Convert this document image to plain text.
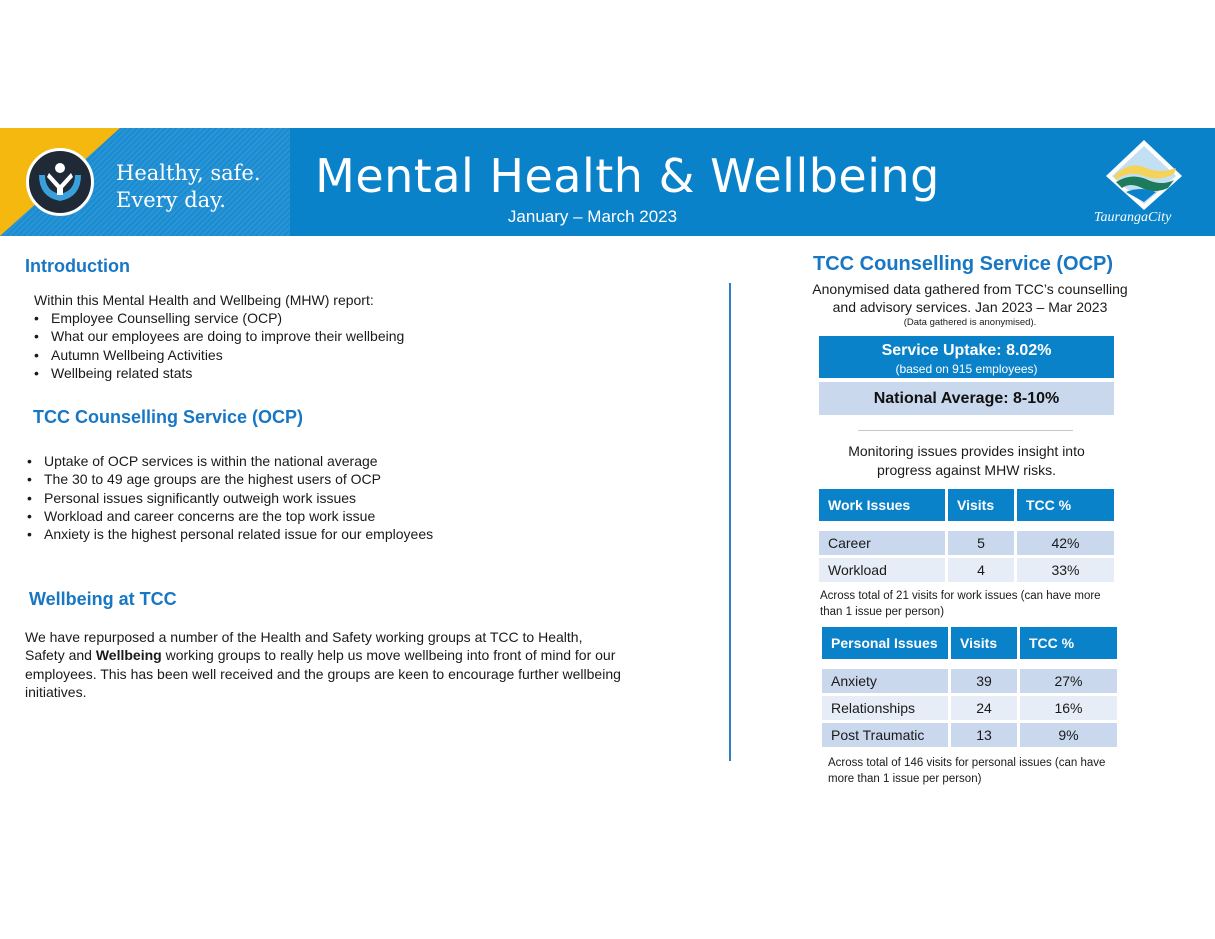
Healthy, safe.
Every day.	Mental Health & Wellbeing
January – March 2023	TaurangaCity
Introduction
Within this Mental Health and Wellbeing (MHW) report:
• Employee Counselling service (OCP)
• What our employees are doing to improve their wellbeing
• Autumn Wellbeing Activities
• Wellbeing related stats
TCC Counselling Service (OCP)
• Uptake of OCP services is within the national average
• The 30 to 49 age groups are the highest users of OCP
• Personal issues significantly outweigh work issues
• Workload and career concerns are the top work issue
• Anxiety is the highest personal related issue for our employees
Wellbeing at TCC
We have repurposed a number of the Health and Safety working groups at TCC to Health, Safety and Wellbeing working groups to really help us move wellbeing into front of mind for our employees. This has been well received and the groups are keen to encourage further wellbeing initiatives.
TCC Counselling Service (OCP)
Anonymised data gathered from TCC’s counselling
and advisory services. Jan 2023 – Mar 2023
(Data gathered is anonymised).
Service Uptake: 8.02%
(based on 915 employees)
National Average: 8-10%
Monitoring issues provides insight into
progress against MHW risks.
Work Issues	Visits	TCC %

Career	5	42%
Workload	4	33%
Across total of 21 visits for work issues (can have more than 1 issue per person)
Personal Issues	Visits	TCC %

Anxiety	39	27%
Relationships	24	16%
Post Traumatic	13	9%
Across total of 146 visits for personal issues (can have more than 1 issue per person)
